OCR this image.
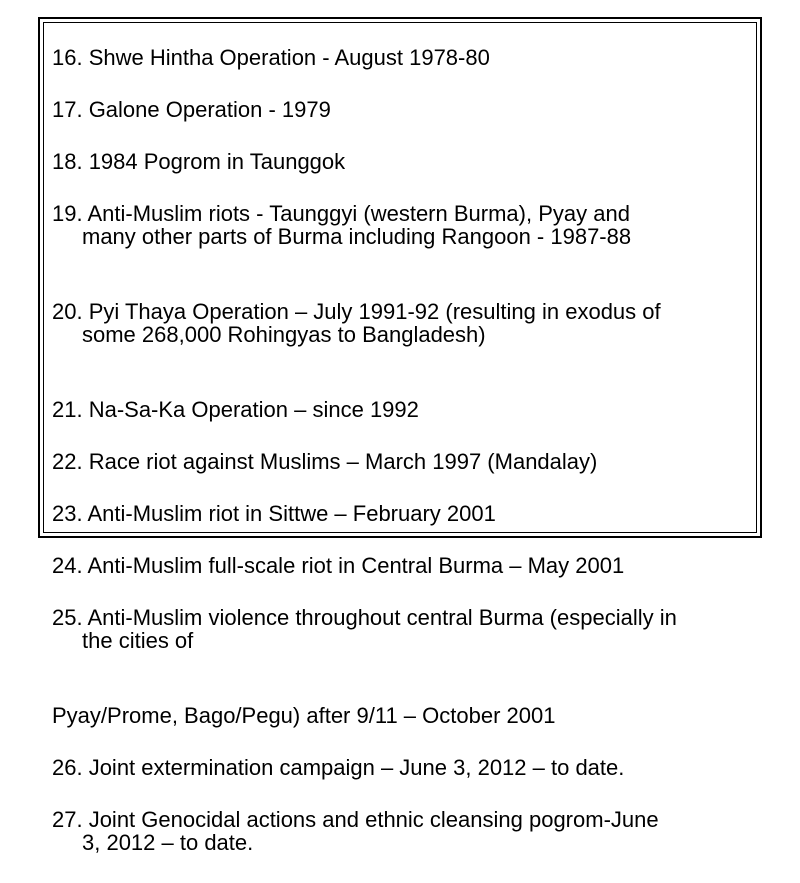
16. Shwe Hintha Operation - August 1978-80

17. Galone Operation - 1979

18. 1984 Pogrom in Taunggok

19. Anti-Muslim riots - Taunggyi (western Burma), Pyay and

many other parts of Burma including Rangoon - 1987-88

20. Pyi Thaya Operation – July 1991-92 (resulting in exodus of

some 268,000 Rohingyas to Bangladesh)

21. Na-Sa-Ka Operation – since 1992

22. Race riot against Muslims – March 1997 (Mandalay)

23. Anti-Muslim riot in Sittwe – February 2001

24. Anti-Muslim full-scale riot in Central Burma – May 2001

25. Anti-Muslim violence throughout central Burma (especially in

the cities of

Pyay/Prome, Bago/Pegu) after 9/11 – October 2001

26. Joint extermination campaign – June 3, 2012 – to date.

27. Joint Genocidal actions and ethnic cleansing pogrom-June

3, 2012 – to date.
